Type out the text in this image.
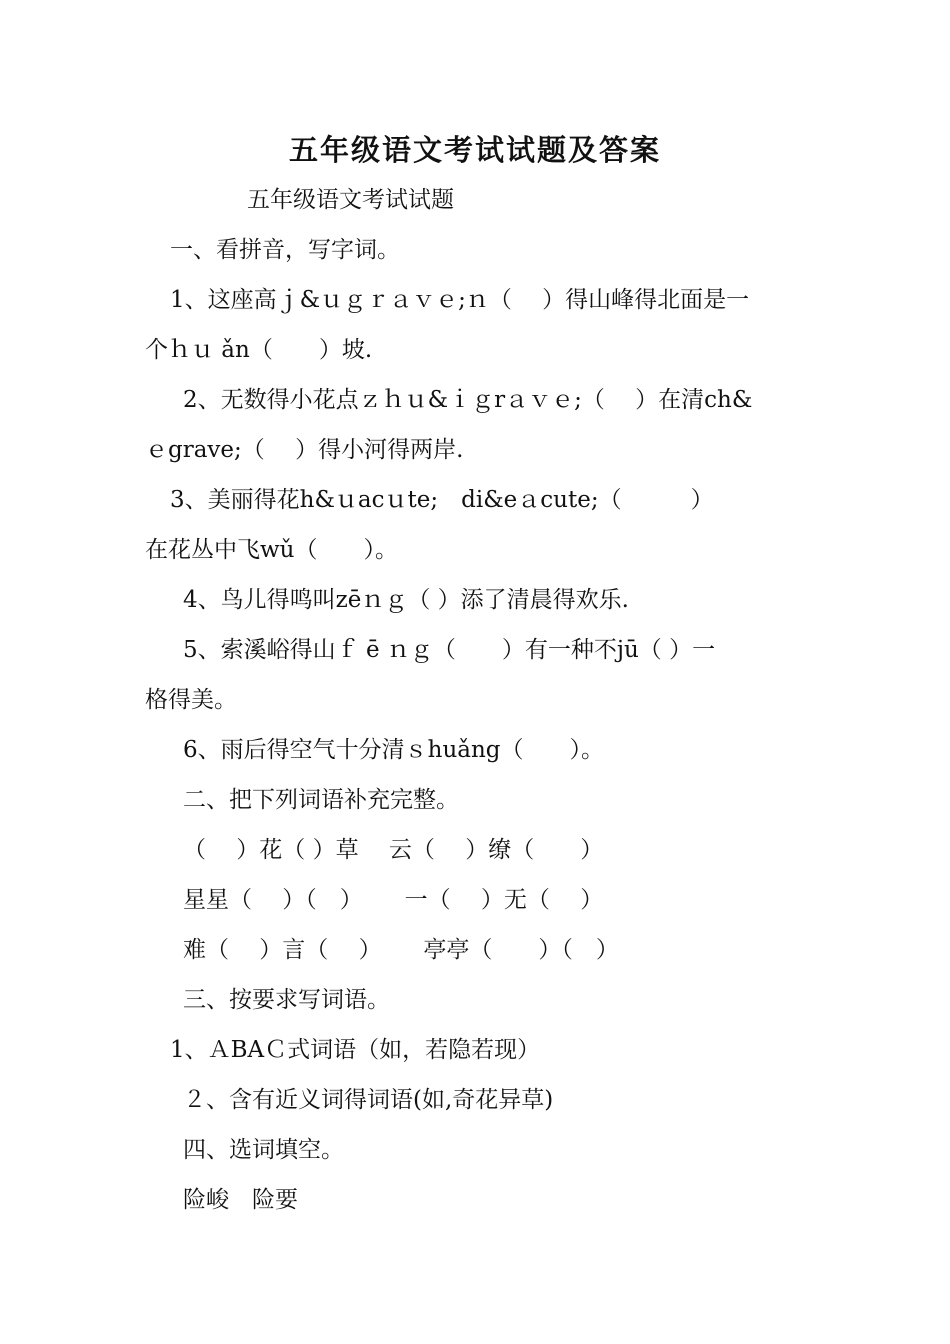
五年级语文考试试题及答案
五年级语文考试试题
一、看拼音，写字词。
1、这座高ｊ&ｕｇｒａｖｅ;ｎ（　 ）得山峰得北面是一
个ｈｕ ǎn（　　）坡.
2、无数得小花点ｚｈｕ&ｉｇrａｖｅ;（　 ）在清ch&
ｅgrave;（　 ）得小河得两岸.
3、美丽得花h&ｕacｕte;　di&eａcute;（　　　）
在花丛中飞wǔ（　　）。
4、鸟儿得鸣叫zēｎｇ（ ）添了清晨得欢乐.
5、索溪峪得山ｆ ē ｎｇ（　　）有一种不jū（ ）一
格得美。
6、雨后得空气十分清ｓhuǎng（　　）。
二、把下列词语补充完整。
（　 ）花（ ）草　 云（　 ）缭（　　）
星星（　 ）（　）　　 一（　 ）无（　 ）
难（　 ）言（　 ）　　 亭亭（　　）（　）
三、按要求写词语。
1、ＡBAＣ式词语（如，若隐若现）
２、含有近义词得词语(如,奇花异草)
四、选词填空。
险峻　险要
